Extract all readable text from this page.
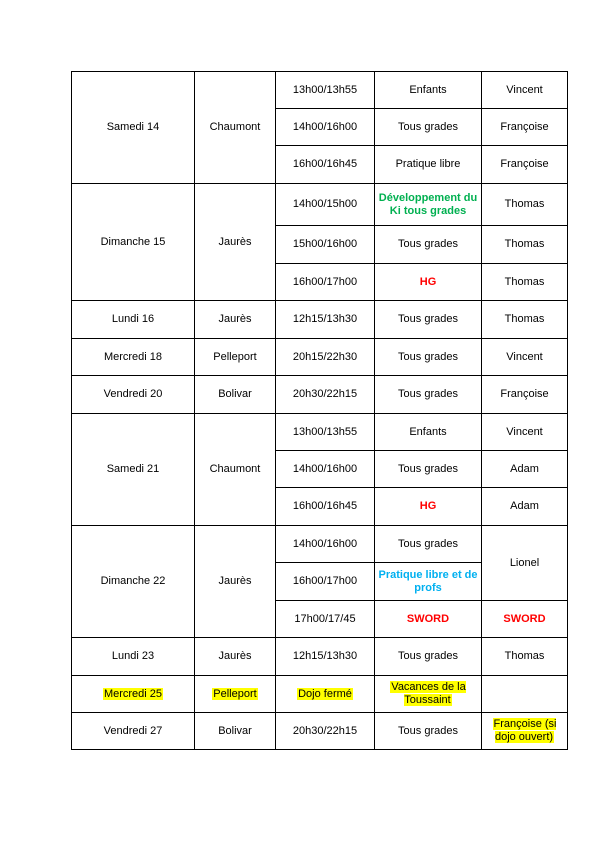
Samedi 14	Chaumont	13h00/13h55	Enfants	Vincent
		14h00/16h00	Tous grades	Françoise
		16h00/16h45	Pratique libre	Françoise
Dimanche 15	Jaurès	14h00/15h00	Développement du Ki tous grades	Thomas
		15h00/16h00	Tous grades	Thomas
		16h00/17h00	HG	Thomas
Lundi 16	Jaurès	12h15/13h30	Tous grades	Thomas
Mercredi 18	Pelleport	20h15/22h30	Tous grades	Vincent
Vendredi 20	Bolivar	20h30/22h15	Tous grades	Françoise
Samedi 21	Chaumont	13h00/13h55	Enfants	Vincent
		14h00/16h00	Tous grades	Adam
		16h00/16h45	HG	Adam
Dimanche 22	Jaurès	14h00/16h00	Tous grades	Lionel
		16h00/17h00	Pratique libre et de profs	
		17h00/17/45	SWORD	SWORD
Lundi 23	Jaurès	12h15/13h30	Tous grades	Thomas
Mercredi 25	Pelleport	Dojo fermé	Vacances de la Toussaint	
Vendredi 27	Bolivar	20h30/22h15	Tous grades	Françoise (si dojo ouvert)
